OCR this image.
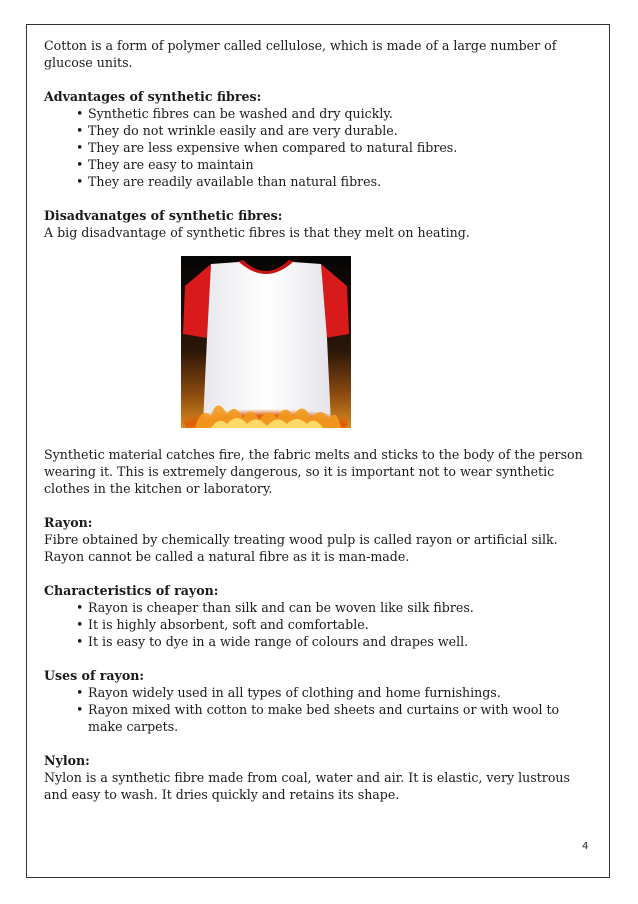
Cotton is a form of polymer called cellulose, which is made of a large number of glucose units.

Advantages of synthetic fibres:

• Synthetic fibres can be washed and dry quickly.
• They do not wrinkle easily and are very durable.
• They are less expensive when compared to natural fibres.
• They are easy to maintain
• They are readily available than natural fibres.

Disadvanatges of synthetic fibres:

A big disadvantage of synthetic fibres is that they melt on heating.

Synthetic material catches fire, the fabric melts and sticks to the body of the person wearing it. This is extremely dangerous, so it is important not to wear synthetic clothes in the kitchen or laboratory.

Rayon:

Fibre obtained by chemically treating wood pulp is called rayon or artificial silk. Rayon cannot be called a natural fibre as it is man-made.

Characteristics of rayon:

• Rayon is cheaper than silk and can be woven like silk fibres.
• It is highly absorbent, soft and comfortable.
• It is easy to dye in a wide range of colours and drapes well.

Uses of rayon:

• Rayon widely used in all types of clothing and home furnishings.
• Rayon mixed with cotton to make bed sheets and curtains or with wool to make carpets.

Nylon:

Nylon is a synthetic fibre made from coal, water and air. It is elastic, very lustrous and easy to wash. It dries quickly and retains its shape.

4
